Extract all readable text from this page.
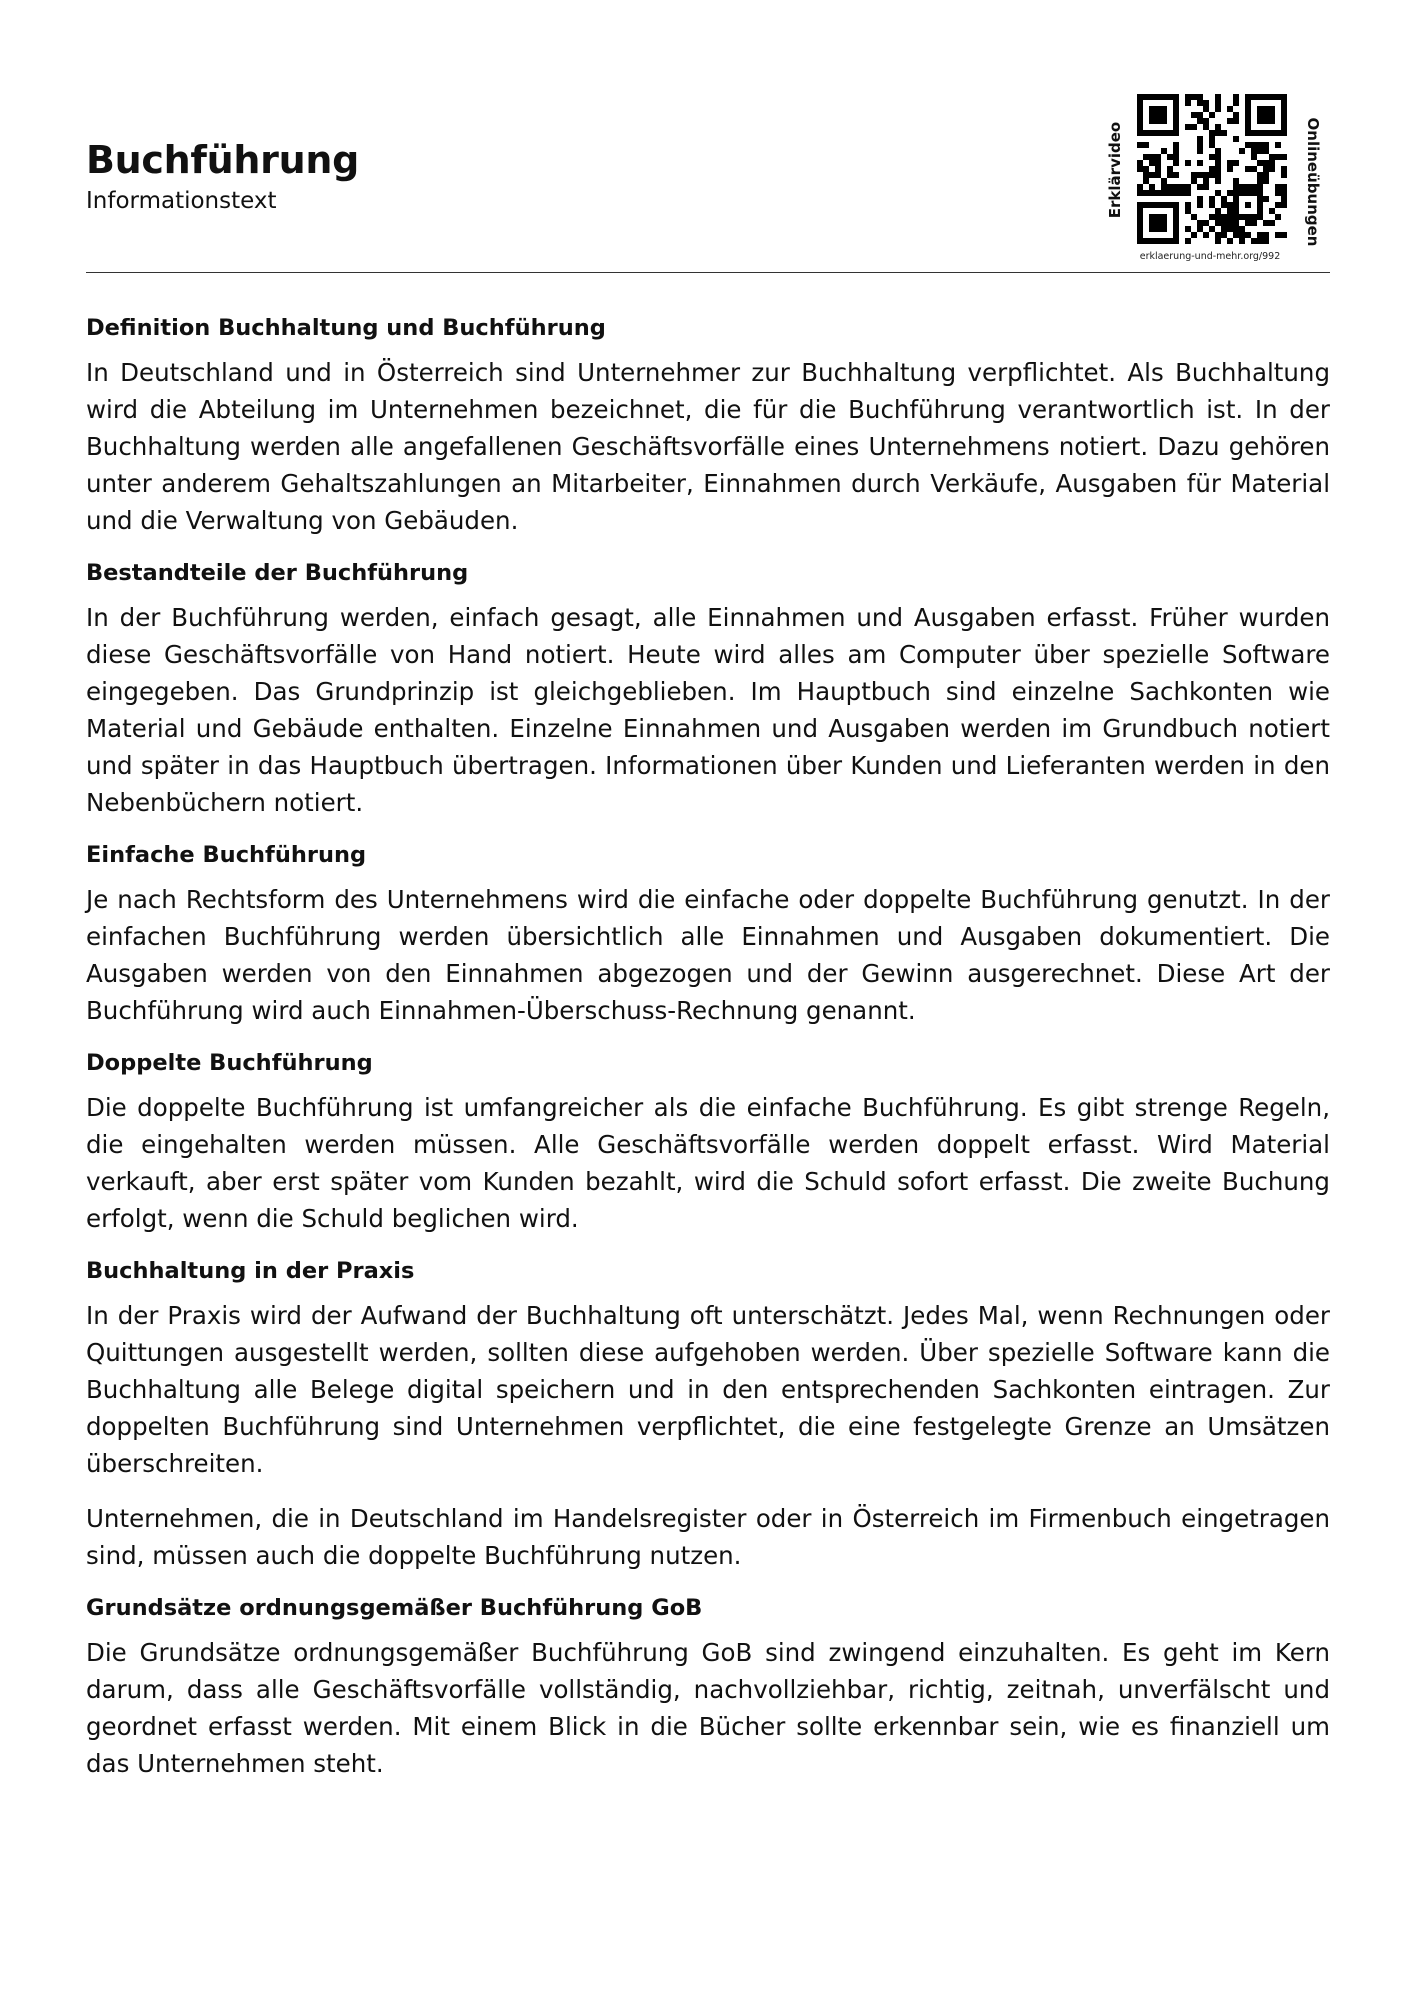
Buchführung

Informationstext	Erklärvideo	Onlineübungen
erklaerung-und-mehr.org/992
Definition Buchhaltung und Buchführung

In Deutschland und in Österreich sind Unternehmer zur Buchhaltung verpflichtet. Als Buchhaltung wird die Abteilung im Unternehmen bezeichnet, die für die Buchführung verantwortlich ist. In der Buchhaltung werden alle angefallenen Geschäftsvorfälle eines Unternehmens notiert. Dazu gehören unter anderem Gehaltszahlungen an Mitarbeiter, Einnahmen durch Verkäufe, Ausgaben für Material und die Verwaltung von Gebäuden.

Bestandteile der Buchführung

In der Buchführung werden, einfach gesagt, alle Einnahmen und Ausgaben erfasst. Früher wurden diese Geschäftsvorfälle von Hand notiert. Heute wird alles am Computer über spezielle Software eingegeben. Das Grundprinzip ist gleichgeblieben. Im Hauptbuch sind einzelne Sachkonten wie Material und Gebäude enthalten. Einzelne Einnahmen und Ausgaben werden im Grundbuch notiert und später in das Hauptbuch übertragen. Informationen über Kunden und Lieferanten werden in den Nebenbüchern notiert.

Einfache Buchführung

Je nach Rechtsform des Unternehmens wird die einfache oder doppelte Buchführung genutzt. In der einfachen Buchführung werden übersichtlich alle Einnahmen und Ausgaben dokumentiert. Die Ausgaben werden von den Einnahmen abgezogen und der Gewinn ausgerechnet. Diese Art der Buchführung wird auch Einnahmen-Überschuss-Rechnung genannt.

Doppelte Buchführung

Die doppelte Buchführung ist umfangreicher als die einfache Buchführung. Es gibt strenge Regeln, die eingehalten werden müssen. Alle Geschäftsvorfälle werden doppelt erfasst. Wird Material verkauft, aber erst später vom Kunden bezahlt, wird die Schuld sofort erfasst. Die zweite Buchung erfolgt, wenn die Schuld beglichen wird.

Buchhaltung in der Praxis

In der Praxis wird der Aufwand der Buchhaltung oft unterschätzt. Jedes Mal, wenn Rechnungen oder Quittungen ausgestellt werden, sollten diese aufgehoben werden. Über spezielle Software kann die Buchhaltung alle Belege digital speichern und in den entsprechenden Sachkonten eintragen. Zur doppelten Buchführung sind Unternehmen verpflichtet, die eine festgelegte Grenze an Umsätzen überschreiten.

Unternehmen, die in Deutschland im Handelsregister oder in Österreich im Firmenbuch eingetragen sind, müssen auch die doppelte Buchführung nutzen.

Grundsätze ordnungsgemäßer Buchführung GoB

Die Grundsätze ordnungsgemäßer Buchführung GoB sind zwingend einzuhalten. Es geht im Kern darum, dass alle Geschäftsvorfälle vollständig, nachvollziehbar, richtig, zeitnah, unverfälscht und geordnet erfasst werden. Mit einem Blick in die Bücher sollte erkennbar sein, wie es finanziell um das Unternehmen steht.
